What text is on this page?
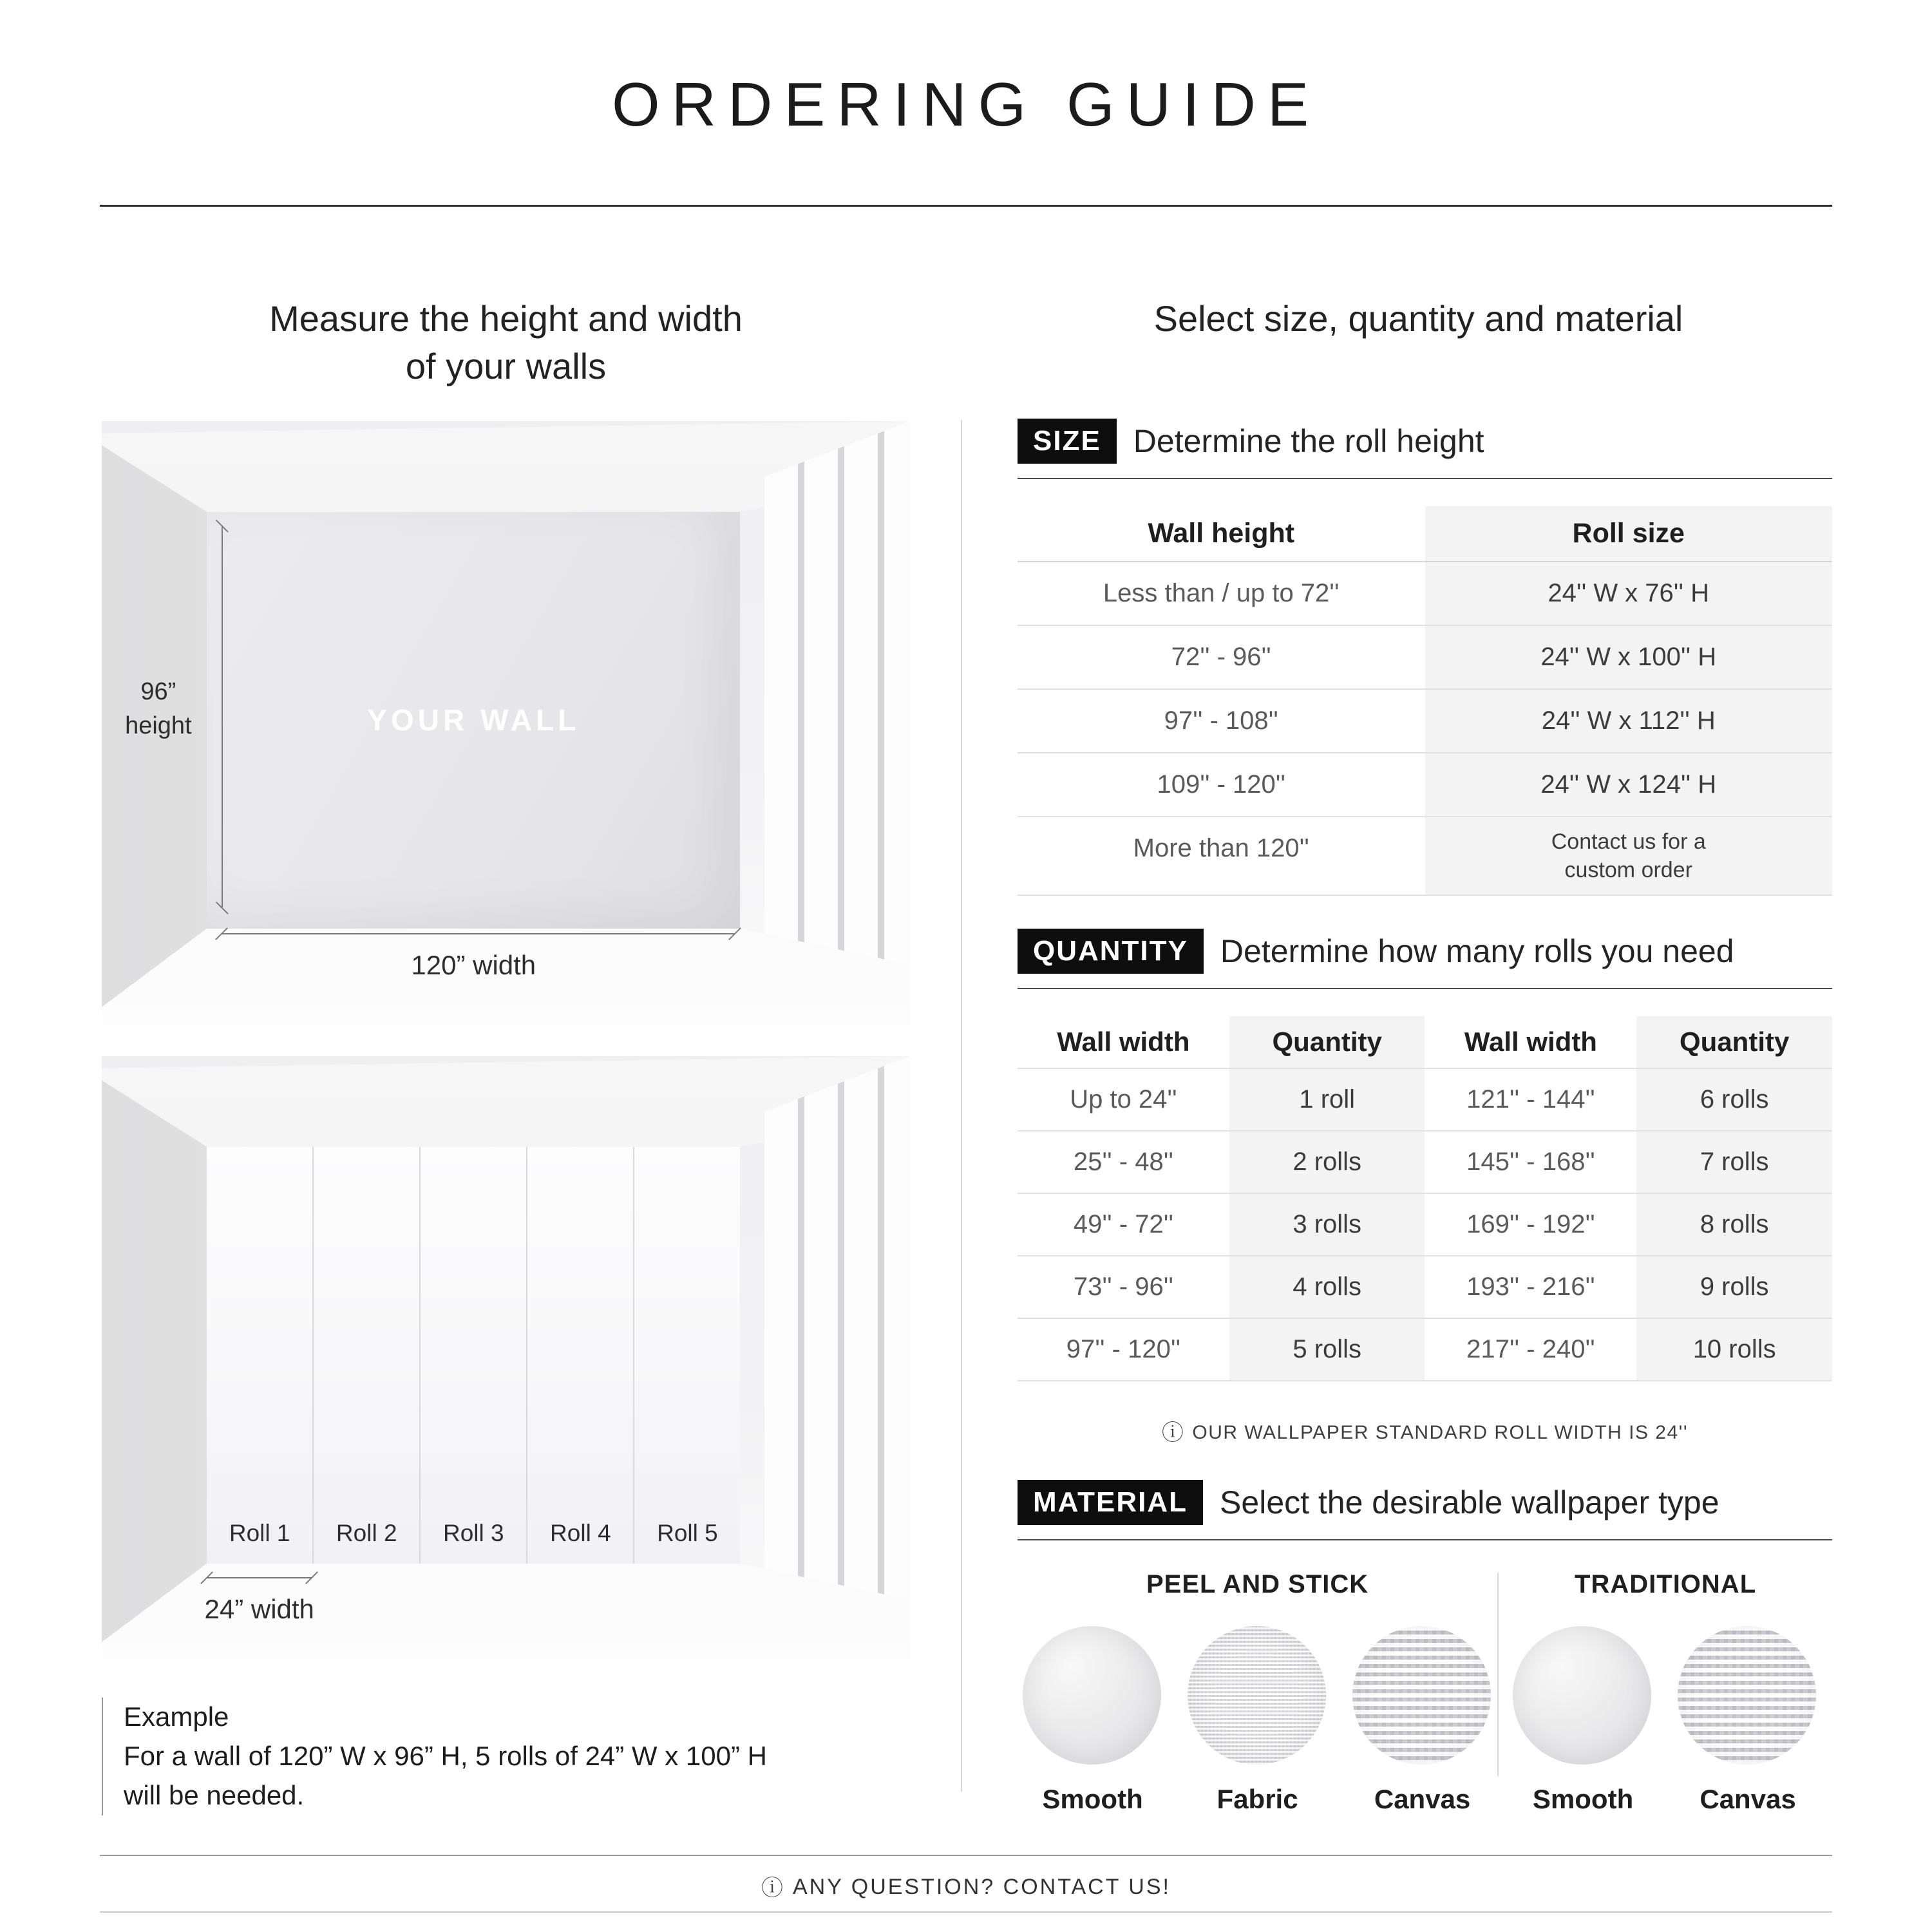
ORDERING GUIDE
Measure the height and width
of your walls
YOUR WALL
96”
height
120” width
Roll 1 Roll 2 Roll 3 Roll 4 Roll 5
24” width
Example
For a wall of 120” W x 96” H, 5 rolls of 24” W x 100” H
will be needed.
Select size, quantity and material
SIZE	Determine the roll height
Wall height	Roll size
Less than / up to 72''	24'' W x 76'' H
72'' - 96''	24'' W x 100'' H
97'' - 108''	24'' W x 112'' H
109'' - 120''	24'' W x 124'' H
More than 120''	Contact us for a custom order
QUANTITY	Determine how many rolls you need
Wall width	Quantity	Wall width	Quantity
Up to 24''	1 roll	121'' - 144''	6 rolls
25'' - 48''	2 rolls	145'' - 168''	7 rolls
49'' - 72''	3 rolls	169'' - 192''	8 rolls
73'' - 96''	4 rolls	193'' - 216''	9 rolls
97'' - 120''	5 rolls	217'' - 240''	10 rolls
ⓘ OUR WALLPAPER STANDARD ROLL WIDTH IS 24''
MATERIAL	Select the desirable wallpaper type
PEEL AND STICK
Smooth	Fabric	Canvas
TRADITIONAL
Smooth	Canvas
ⓘ ANY QUESTION? CONTACT US!
